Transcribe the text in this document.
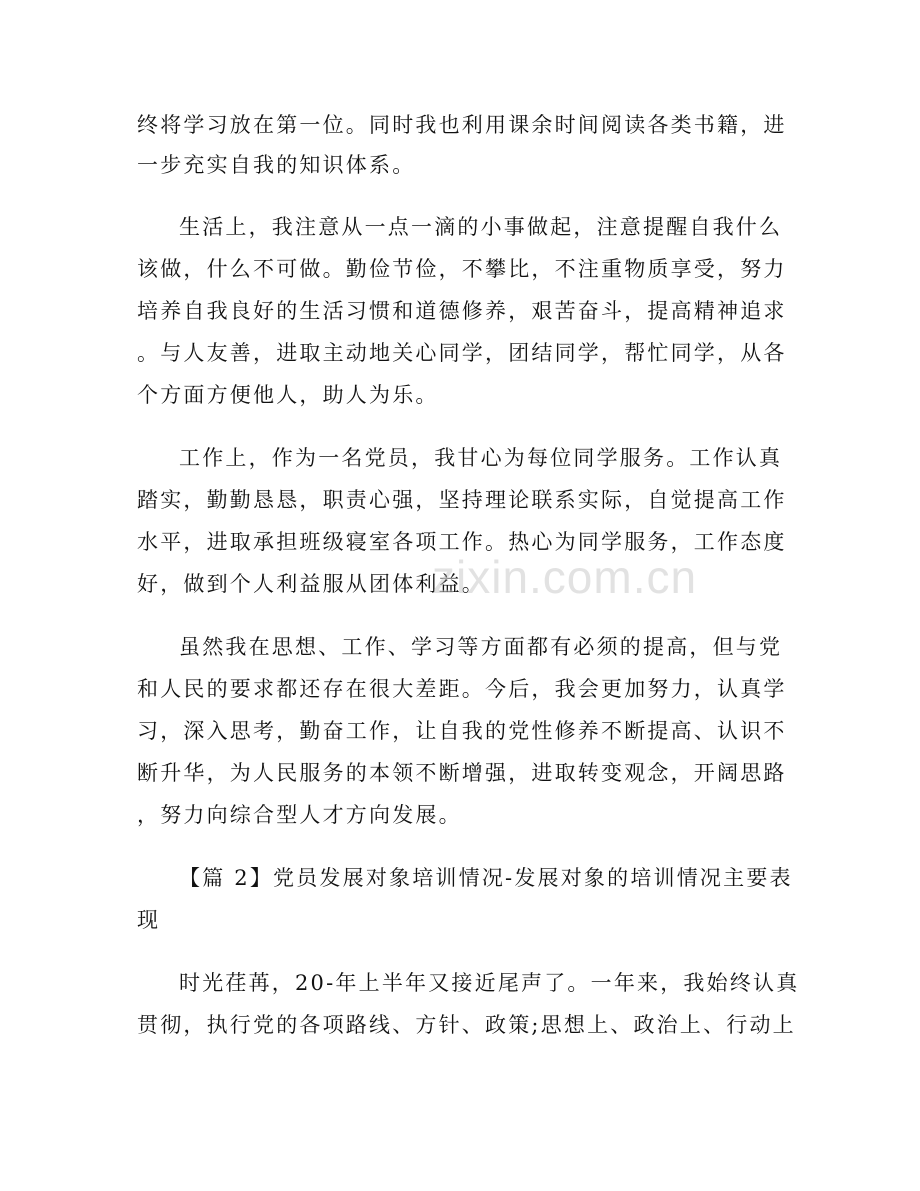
终将学习放在第一位。同时我也利用课余时间阅读各类书籍，进
一步充实自我的知识体系。
生活上，我注意从一点一滴的小事做起，注意提醒自我什么
该做，什么不可做。勤俭节俭，不攀比，不注重物质享受，努力
培养自我良好的生活习惯和道德修养，艰苦奋斗，提高精神追求
。与人友善，进取主动地关心同学，团结同学，帮忙同学，从各
个方面方便他人，助人为乐。
工作上，作为一名党员，我甘心为每位同学服务。工作认真
踏实，勤勤恳恳，职责心强，坚持理论联系实际，自觉提高工作
水平，进取承担班级寝室各项工作。热心为同学服务，工作态度
好，做到个人利益服从团体利益。
虽然我在思想、工作、学习等方面都有必须的提高，但与党
和人民的要求都还存在很大差距。今后，我会更加努力，认真学
习，深入思考，勤奋工作，让自我的党性修养不断提高、认识不
断升华，为人民服务的本领不断增强，进取转变观念，开阔思路
，努力向综合型人才方向发展。
【篇 2】党员发展对象培训情况-发展对象的培训情况主要表
现
时光荏苒，20-年上半年又接近尾声了。一年来，我始终认真
贯彻，执行党的各项路线、方针、政策;思想上、政治上、行动上
zixin.com.cn
